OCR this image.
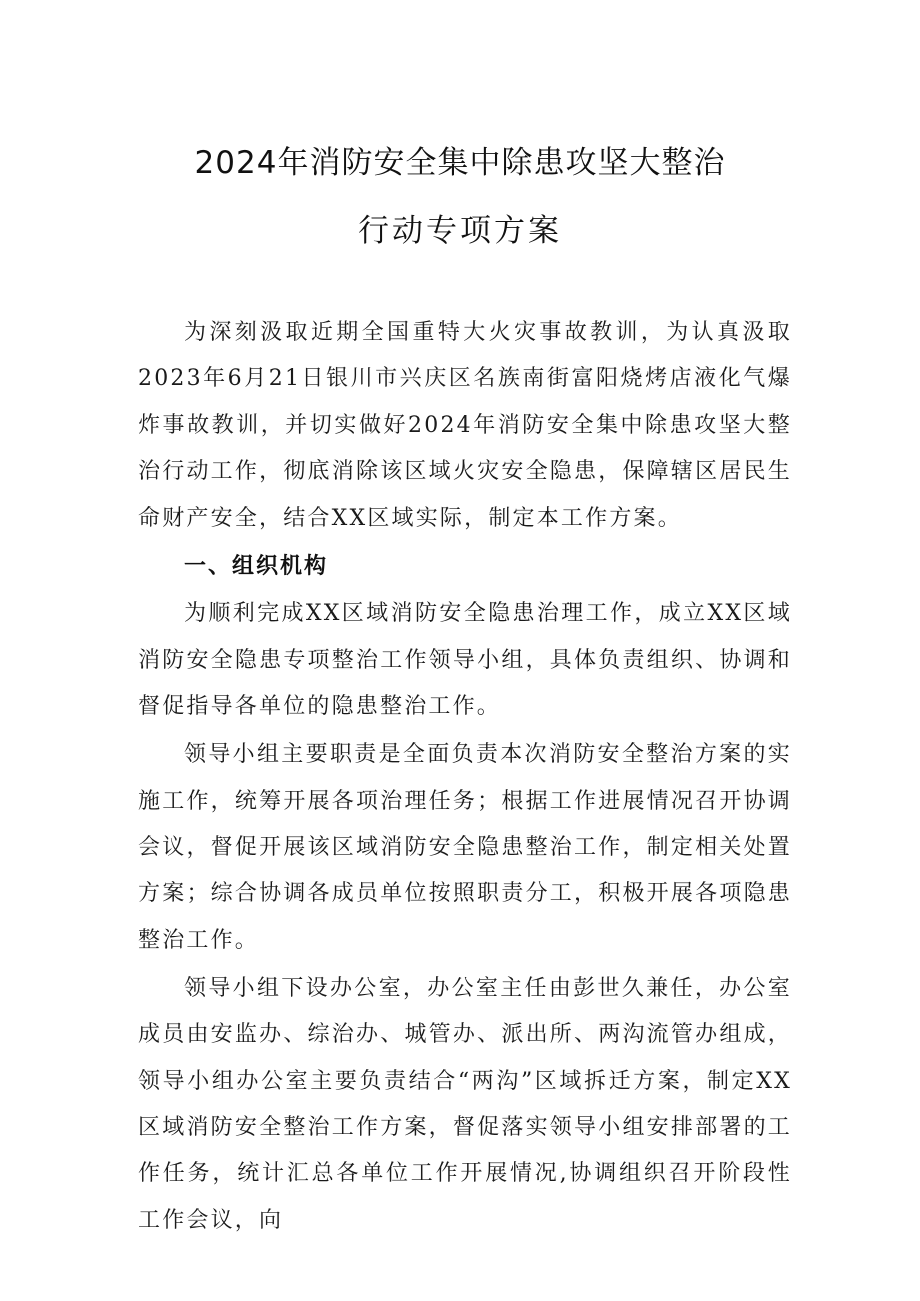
2024年消防安全集中除患攻坚大整治
行动专项方案

为深刻汲取近期全国重特大火灾事故教训，为认真汲取2023年6月21日银川市兴庆区名族南街富阳烧烤店液化气爆炸事故教训，并切实做好2024年消防安全集中除患攻坚大整治行动工作，彻底消除该区域火灾安全隐患，保障辖区居民生命财产安全，结合XX区域实际，制定本工作方案。

一、组织机构

为顺利完成XX区域消防安全隐患治理工作，成立XX区域消防安全隐患专项整治工作领导小组，具体负责组织、协调和督促指导各单位的隐患整治工作。

领导小组主要职责是全面负责本次消防安全整治方案的实施工作，统筹开展各项治理任务；根据工作进展情况召开协调会议，督促开展该区域消防安全隐患整治工作，制定相关处置方案；综合协调各成员单位按照职责分工，积极开展各项隐患整治工作。

领导小组下设办公室，办公室主任由彭世久兼任，办公室成员由安监办、综治办、城管办、派出所、两沟流管办组成，领导小组办公室主要负责结合“两沟”区域拆迁方案，制定XX区域消防安全整治工作方案，督促落实领导小组安排部署的工作任务，统计汇总各单位工作开展情况,协调组织召开阶段性工作会议，向
